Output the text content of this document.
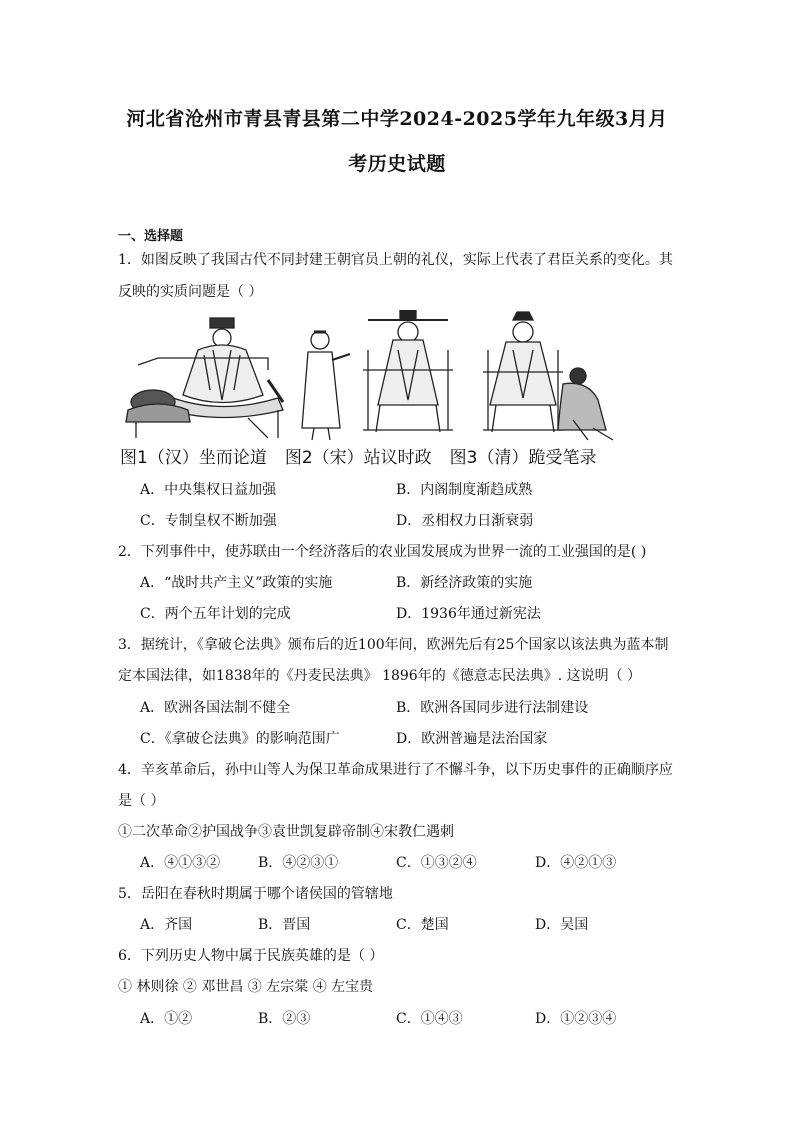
河北省沧州市青县青县第二中学2024-2025学年九年级3月月
考历史试题
一、选择题
1．如图反映了我国古代不同封建王朝官员上朝的礼仪，实际上代表了君臣关系的变化。其
反映的实质问题是（ ）
图1（汉）坐而论道 图2（宋）站议时政 图3（清）跪受笔录
A．中央集权日益加强	B．内阁制度渐趋成熟
C．专制皇权不断加强	D．丞相权力日渐衰弱
2．下列事件中，使苏联由一个经济落后的农业国发展成为世界一流的工业强国的是( )
A．“战时共产主义”政策的实施	B．新经济政策的实施
C．两个五年计划的完成	D．1936年通过新宪法
3．据统计，《拿破仑法典》颁布后的近100年间，欧洲先后有25个国家以该法典为蓝本制
定本国法律，如1838年的《丹麦民法典》 1896年的《德意志民法典》. 这说明（ ）
A．欧洲各国法制不健全	B．欧洲各国同步进行法制建设
C．《拿破仑法典》的影响范围广	D．欧洲普遍是法治国家
4．辛亥革命后，孙中山等人为保卫革命成果进行了不懈斗争，以下历史事件的正确顺序应
是（ ）
①二次革命②护国战争③袁世凯复辟帝制④宋教仁遇刺
A．④①③②	B．④②③①	C．①③②④	D．④②①③
5．岳阳在春秋时期属于哪个诸侯国的管辖地
A．齐国	B．晋国	C．楚国	D．吴国
6．下列历史人物中属于民族英雄的是（ ）
① 林则徐 ② 邓世昌 ③ 左宗棠 ④ 左宝贵
A．①②	B．②③	C．①④③	D．①②③④
